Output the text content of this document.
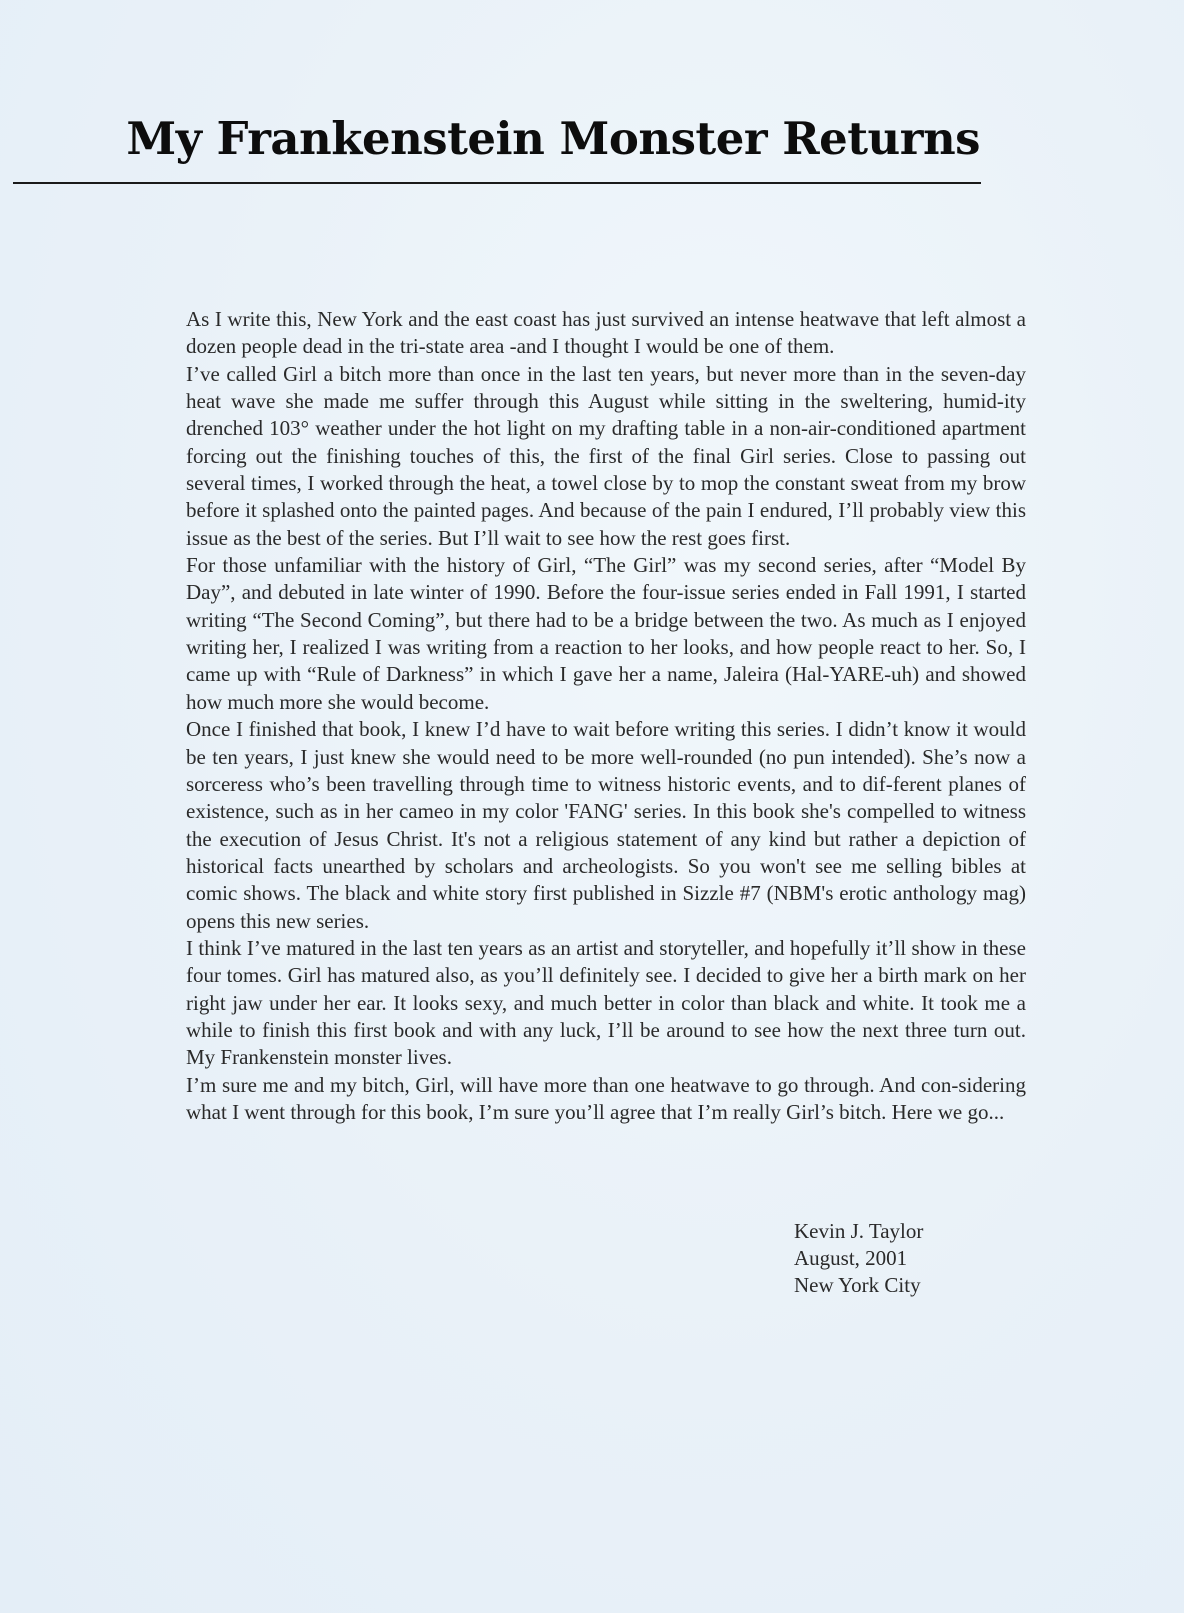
My Frankenstein Monster Returns

As I write this, New York and the east coast has just survived an intense heatwave that left almost a dozen people dead in the tri-state area -and I thought I would be one of them.

I’ve called Girl a bitch more than once in the last ten years, but never more than in the seven-day heat wave she made me suffer through this August while sitting in the sweltering, humid-ity drenched 103° weather under the hot light on my drafting table in a non-air-conditioned apartment forcing out the finishing touches of this, the first of the final Girl series. Close to passing out several times, I worked through the heat, a towel close by to mop the constant sweat from my brow before it splashed onto the painted pages. And because of the pain I endured, I’ll probably view this issue as the best of the series. But I’ll wait to see how the rest goes first.

For those unfamiliar with the history of Girl, “The Girl” was my second series, after “Model By Day”, and debuted in late winter of 1990. Before the four-issue series ended in Fall 1991, I started writing “The Second Coming”, but there had to be a bridge between the two. As much as I enjoyed writing her, I realized I was writing from a reaction to her looks, and how people react to her. So, I came up with “Rule of Darkness” in which I gave her a name, Jaleira (Hal-YARE-uh) and showed how much more she would become.

Once I finished that book, I knew I’d have to wait before writing this series. I didn’t know it would be ten years, I just knew she would need to be more well-rounded (no pun intended). She’s now a sorceress who’s been travelling through time to witness historic events, and to dif-ferent planes of existence, such as in her cameo in my color 'FANG' series. In this book she's compelled to witness the execution of Jesus Christ. It's not a religious statement of any kind but rather a depiction of historical facts unearthed by scholars and archeologists. So you won't see me selling bibles at comic shows. The black and white story first published in Sizzle #7 (NBM's erotic anthology mag) opens this new series.

I think I’ve matured in the last ten years as an artist and storyteller, and hopefully it’ll show in these four tomes. Girl has matured also, as you’ll definitely see. I decided to give her a birth mark on her right jaw under her ear. It looks sexy, and much better in color than black and white. It took me a while to finish this first book and with any luck, I’ll be around to see how the next three turn out. My Frankenstein monster lives.

I’m sure me and my bitch, Girl, will have more than one heatwave to go through. And con-sidering what I went through for this book, I’m sure you’ll agree that I’m really Girl’s bitch. Here we go...

Kevin J. Taylor
August, 2001
New York City
